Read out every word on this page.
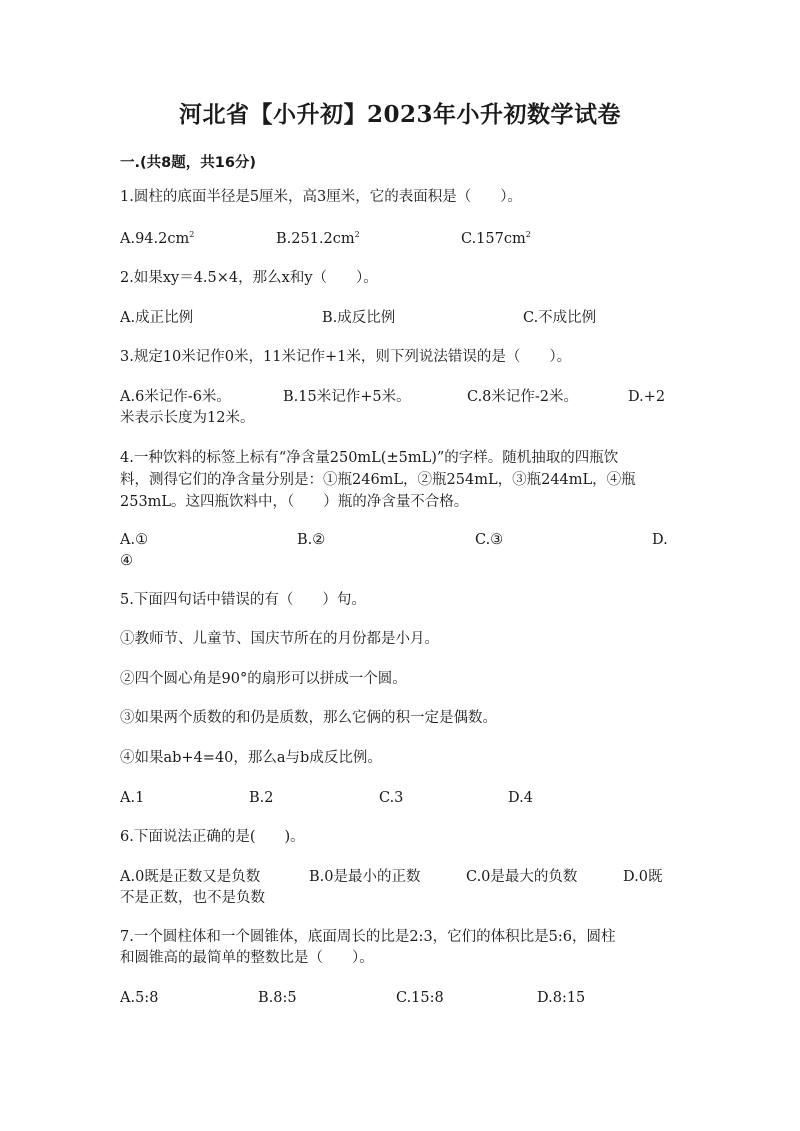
河北省【小升初】2023年小升初数学试卷
一.(共8题，共16分)
1.圆柱的底面半径是5厘米，高3厘米，它的表面积是（　　）。
$A.94.2cm^2$	$B.251.2cm^2$	$C.157cm^2$
2.如果xy＝4.5×4，那么x和y（　　）。
A.成正比例	B.成反比例	C.不成比例
3.规定10米记作0米，11米记作+1米，则下列说法错误的是（　　）。
A.6米记作-6米。	B.15米记作+5米。	C.8米记作-2米。	D.+2
米表示长度为12米。
4.一种饮料的标签上标有“净含量250mL(±5mL)”的字样。随机抽取的四瓶饮
料，测得它们的净含量分别是：①瓶246mL，②瓶254mL，③瓶244mL，④瓶
253mL。这四瓶饮料中，（　　）瓶的净含量不合格。
A.①	B.②	C.③	D.
④
5.下面四句话中错误的有（　　）句。
①教师节、儿童节、国庆节所在的月份都是小月。
②四个圆心角是90°的扇形可以拼成一个圆。
③如果两个质数的和仍是质数，那么它俩的积一定是偶数。
④如果ab+4=40，那么a与b成反比例。
A.1	B.2	C.3	D.4
6.下面说法正确的是(　　)。
A.0既是正数又是负数	B.0是最小的正数	C.0是最大的负数	D.0既
不是正数，也不是负数
7.一个圆柱体和一个圆锥体，底面周长的比是2:3，它们的体积比是5:6，圆柱
和圆锥高的最简单的整数比是（　　）。
A.5:8	B.8:5	C.15:8	D.8:15
